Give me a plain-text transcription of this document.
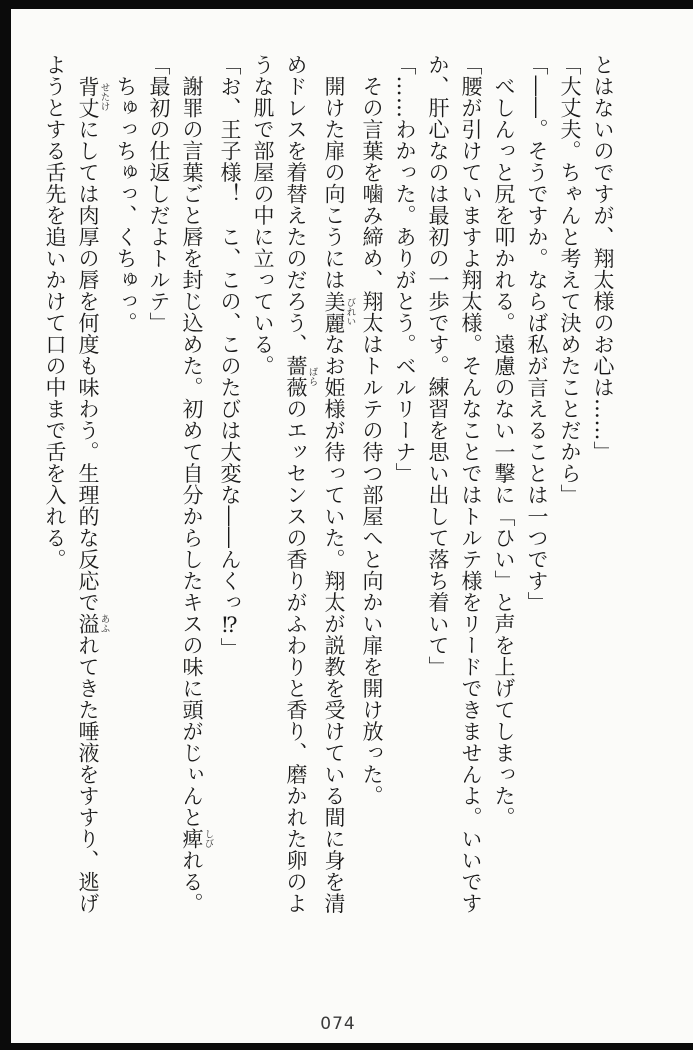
とはないのですが、翔太様のお心は……」
「大丈夫。ちゃんと考えて決めたことだから」
「――。そうですか。ならば私が言えることは一つです」
　べしんっと尻を叩かれる。遠慮のない一撃に「ひい」と声を上げてしまった。
「腰が引けていますよ翔太様。そんなことではトルテ様をリードできませんよ。いいです
か、肝心なのは最初の一歩です。練習を思い出して落ち着いて」
「……わかった。ありがとう。ベルリーナ」
　その言葉を噛み締め、翔太はトルテの待つ部屋へと向かい扉を開け放った。
　開けた扉の向こうには美麗びれいなお姫様が待っていた。翔太が説教を受けている間に身を清
めドレスを着替えたのだろう、薔薇ばらのエッセンスの香りがふわりと香り、磨かれた卵のよ
うな肌で部屋の中に立っている。
「お、王子様！　こ、この、このたびは大変な――んくっ⁉」
　謝罪の言葉ごと唇を封じ込めた。初めて自分からしたキスの味に頭がじぃんと痺しびれる。
「最初の仕返しだよトルテ」
　ちゅっちゅっ、くちゅっ。
　背丈せたけにしては肉厚の唇を何度も味わう。生理的な反応で溢あふれてきた唾液をすすり、逃げ
ようとする舌先を追いかけて口の中まで舌を入れる。
074
